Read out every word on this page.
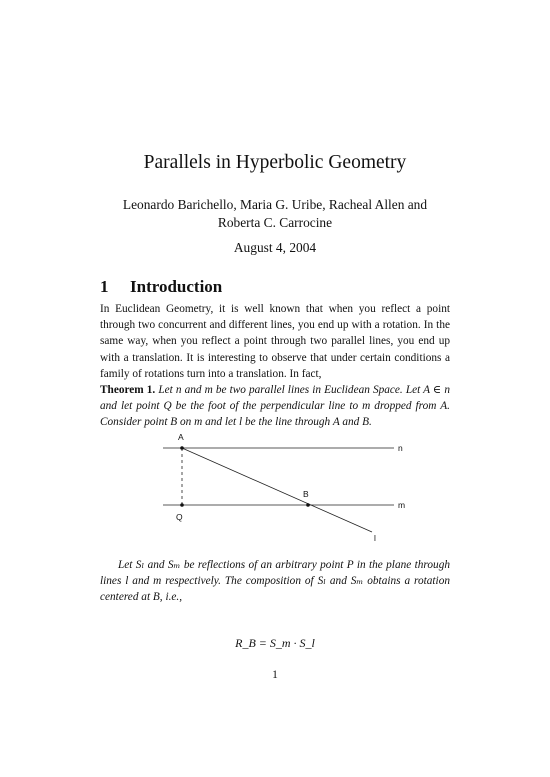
Parallels in Hyperbolic Geometry
Leonardo Barichello, Maria G. Uribe, Racheal Allen and
Roberta C. Carrocine
August 4, 2004
1 Introduction
In Euclidean Geometry, it is well known that when you reflect a point through two concurrent and different lines, you end up with a rotation. In the same way, when you reflect a point through two parallel lines, you end up with a translation. It is interesting to observe that under certain conditions a family of rotations turn into a translation. In fact,
Theorem 1. Let n and m be two parallel lines in Euclidean Space. Let A ∈ n and let point Q be the foot of the perpendicular line to m dropped from A. Consider point B on m and let l be the line through A and B.
A
B
Q
n
m
l
Let Sₗ and Sₘ be reflections of an arbitrary point P in the plane through lines l and m respectively. The composition of Sₗ and Sₘ obtains a rotation centered at B, i.e.,
R_B = S_m · S_l
1
